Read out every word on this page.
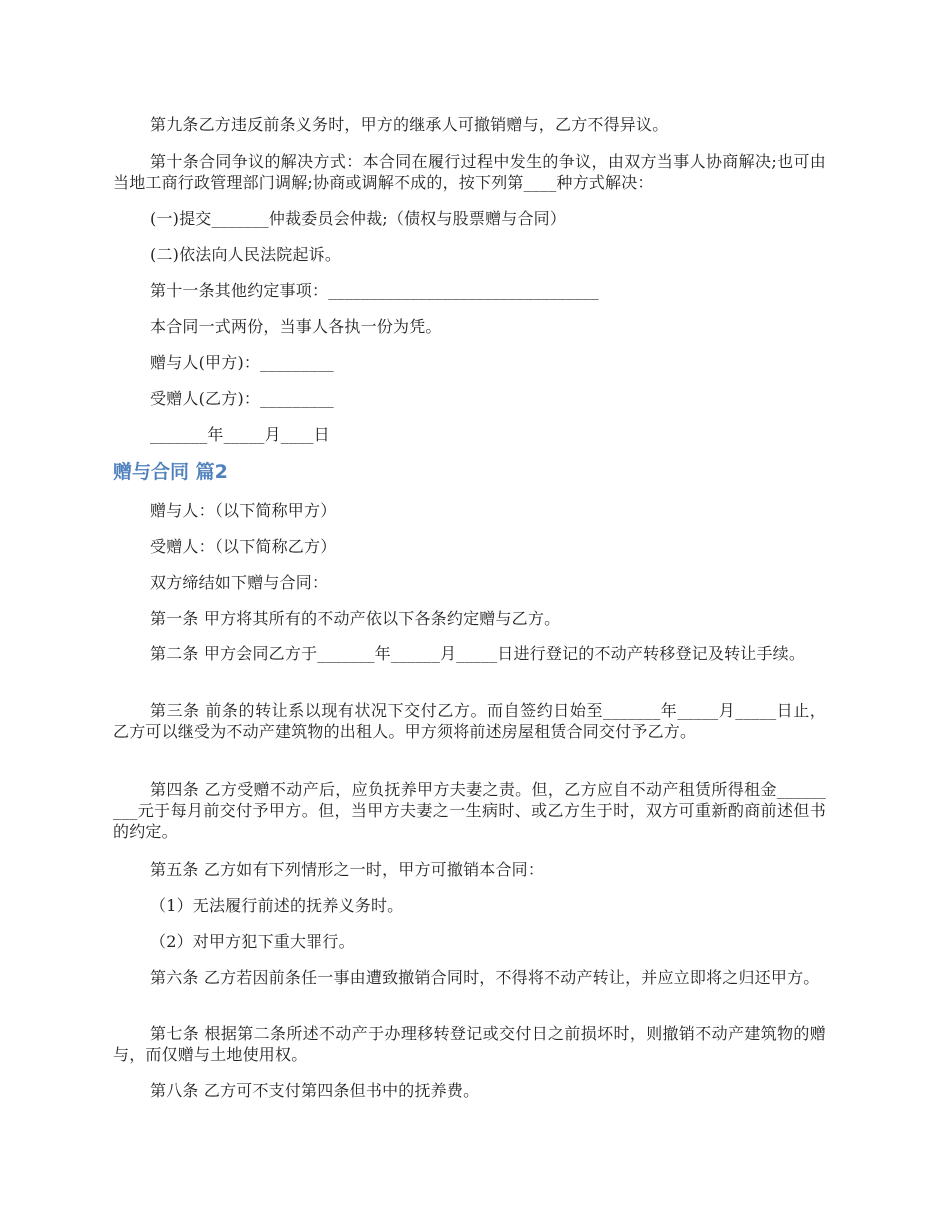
第九条乙方违反前条义务时，甲方的继承人可撤销赠与，乙方不得异议。
第十条合同争议的解决方式：本合同在履行过程中发生的争议，由双方当事人协商解决;也可由当地工商行政管理部门调解;协商或调解不成的，按下列第____种方式解决：
(一)提交_______仲裁委员会仲裁;（债权与股票赠与合同）
(二)依法向人民法院起诉。
第十一条其他约定事项：_________________________________
本合同一式两份，当事人各执一份为凭。
赠与人(甲方)：_________
受赠人(乙方)：_________
_______年_____月____日
赠与合同 篇2
赠与人：（以下简称甲方）
受赠人：（以下简称乙方）
双方缔结如下赠与合同：
第一条 甲方将其所有的不动产依以下各条约定赠与乙方。
第二条 甲方会同乙方于_______年______月_____日进行登记的不动产转移登记及转让手续。
第三条 前条的转让系以现有状况下交付乙方。而自签约日始至_______年_____月_____日止，乙方可以继受为不动产建筑物的出租人。甲方须将前述房屋租赁合同交付予乙方。
第四条 乙方受赠不动产后，应负抚养甲方夫妻之责。但，乙方应自不动产租赁所得租金_________元于每月前交付予甲方。但，当甲方夫妻之一生病时、或乙方生于时，双方可重新酌商前述但书的约定。
第五条 乙方如有下列情形之一时，甲方可撤销本合同：
（1）无法履行前述的抚养义务时。
（2）对甲方犯下重大罪行。
第六条 乙方若因前条任一事由遭致撤销合同时，不得将不动产转让，并应立即将之归还甲方。
第七条 根据第二条所述不动产于办理移转登记或交付日之前损坏时，则撤销不动产建筑物的赠与，而仅赠与土地使用权。
第八条 乙方可不支付第四条但书中的抚养费。
